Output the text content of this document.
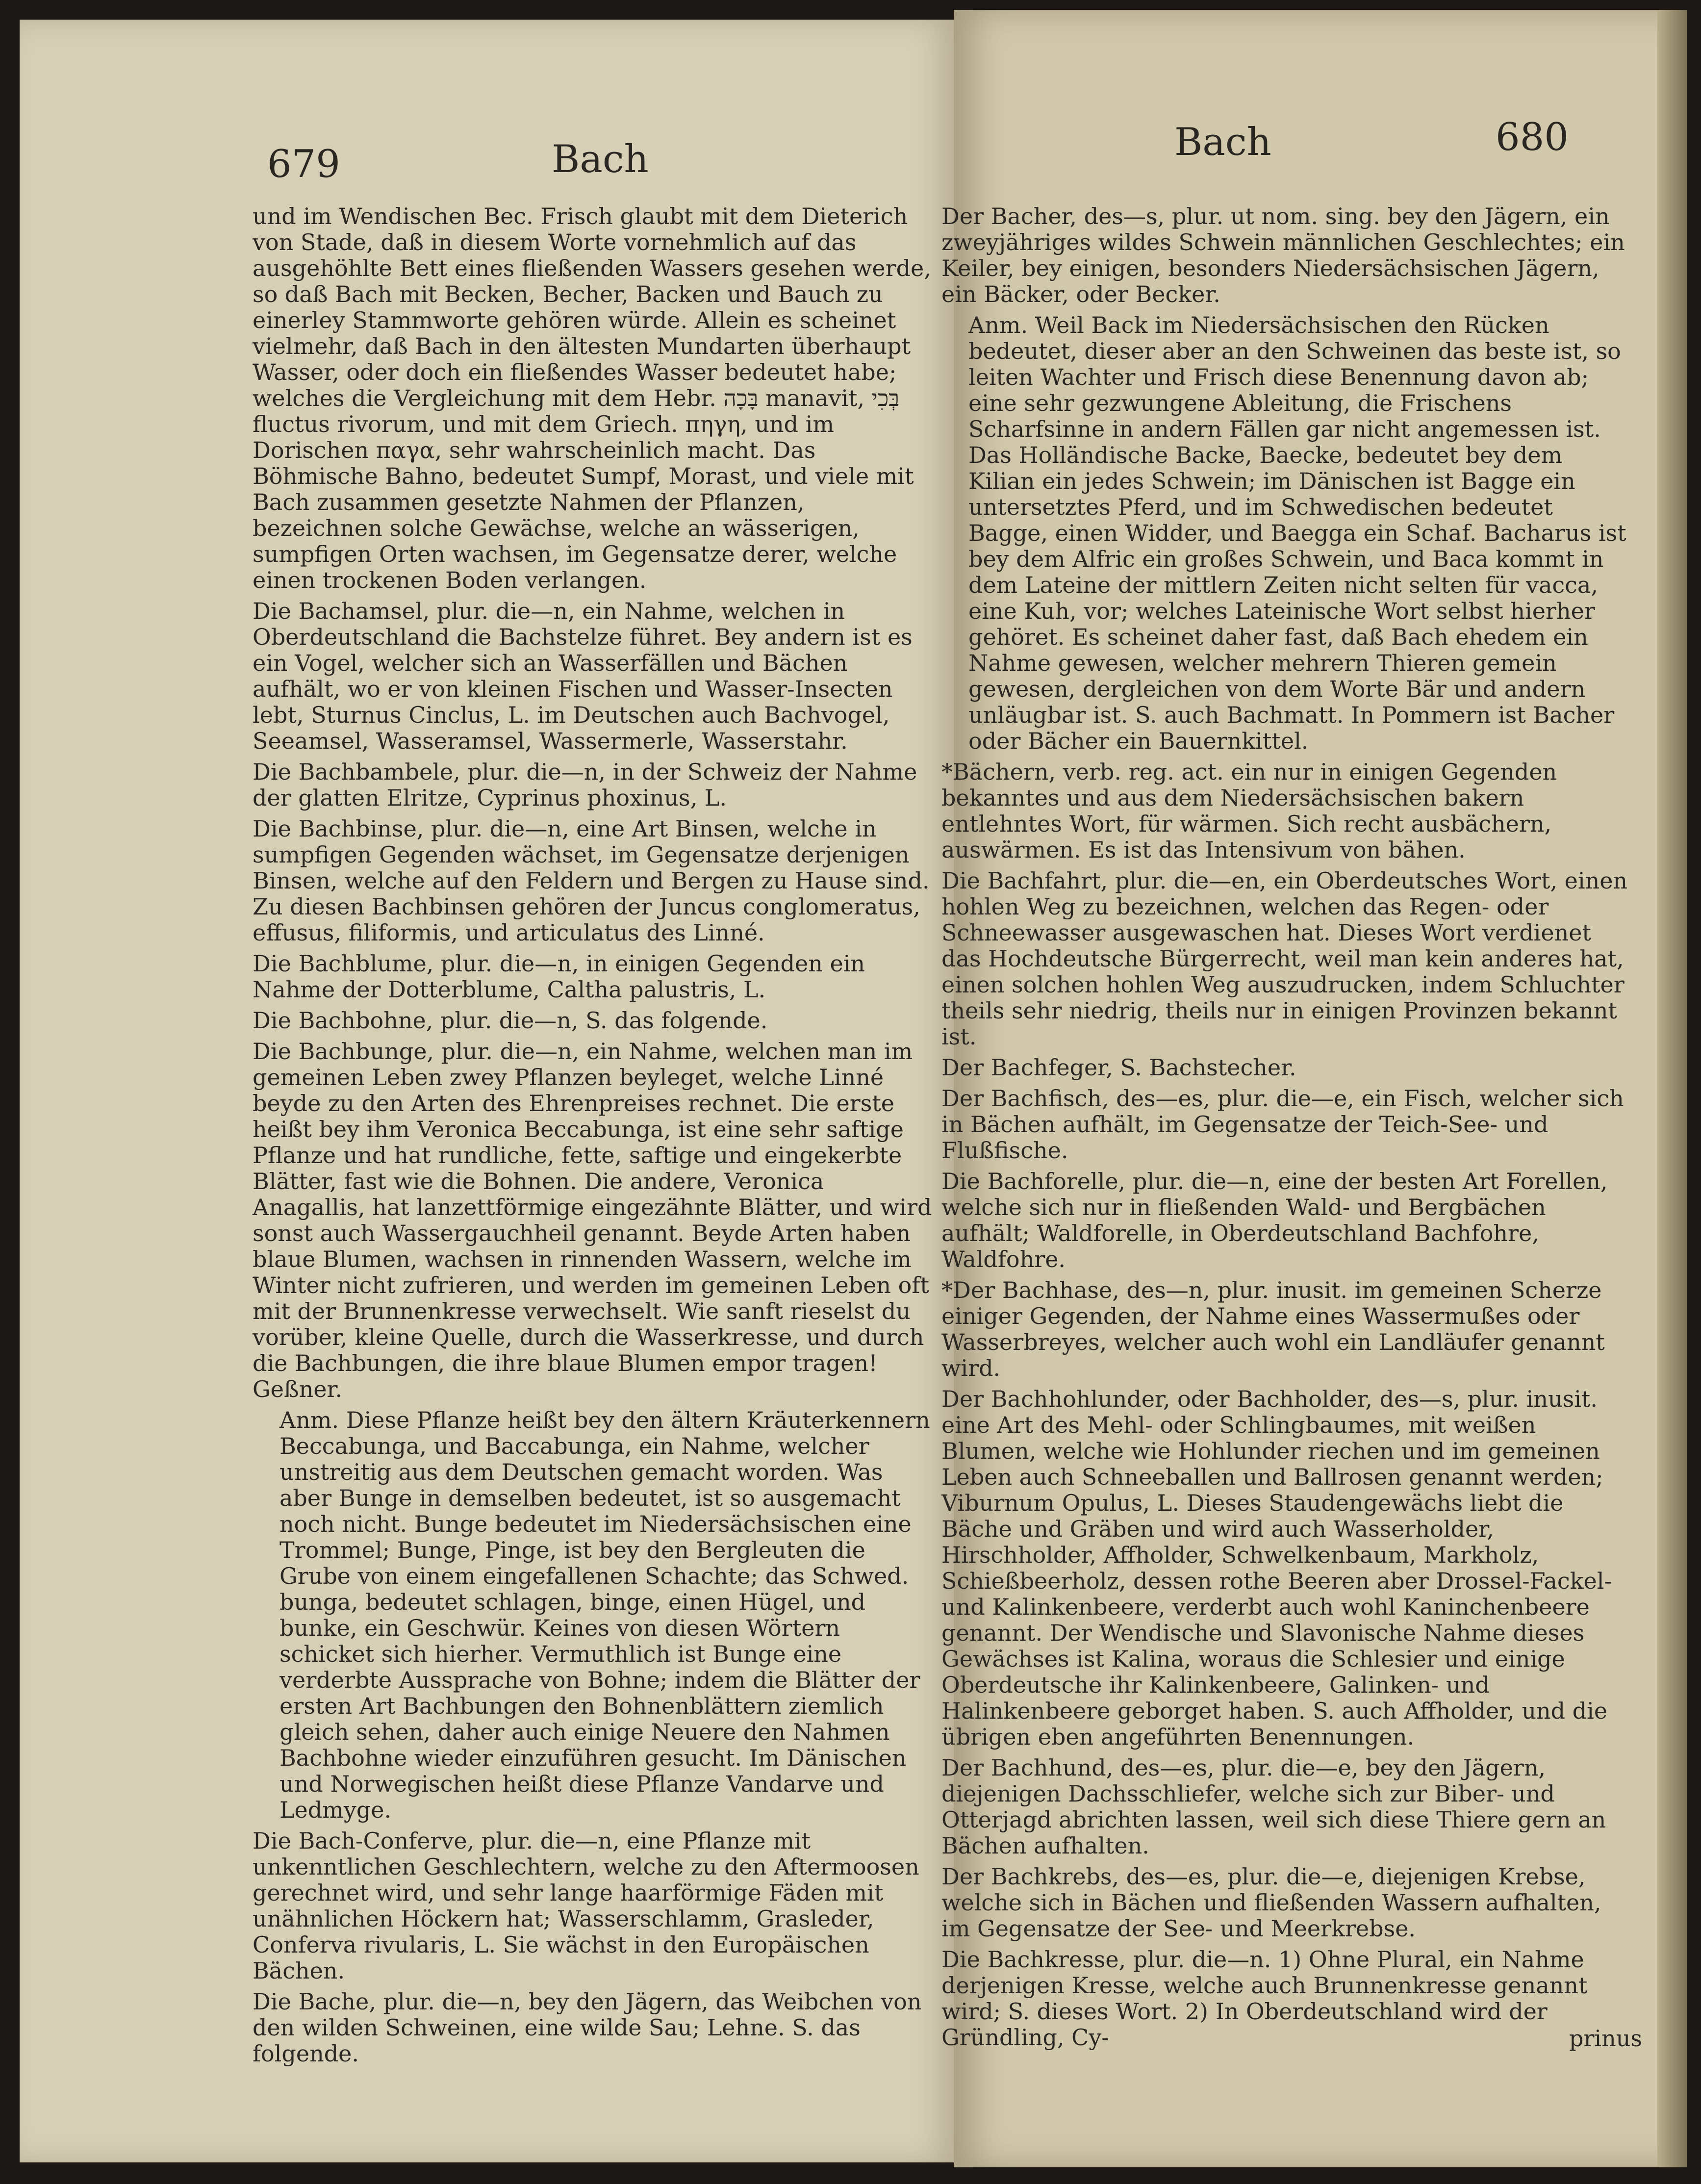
679	Bach	Bach	680

und im Wendischen Bec. Frisch glaubt mit dem Dieterich von Stade, daß in diesem Worte vornehmlich auf das ausgehöhlte Bett eines fließenden Wassers gesehen werde, so daß Bach mit Becken, Becher, Backen und Bauch zu einerley Stammworte gehören würde. Allein es scheinet vielmehr, daß Bach in den ältesten Mundarten überhaupt Wasser, oder doch ein fließendes Wasser bedeutet habe; welches die Vergleichung mit dem Hebr. בָּכָה manavit, בְּכִי fluctus rivorum, und mit dem Griech. πηγη, und im Dorischen παγα, sehr wahrscheinlich macht. Das Böhmische Bahno, bedeutet Sumpf, Morast, und viele mit Bach zusammen gesetzte Nahmen der Pflanzen, bezeichnen solche Gewächse, welche an wässerigen, sumpfigen Orten wachsen, im Gegensatze derer, welche einen trockenen Boden verlangen.

Die Bachamsel, plur. die—n, ein Nahme, welchen in Oberdeutschland die Bachstelze führet. Bey andern ist es ein Vogel, welcher sich an Wasserfällen und Bächen aufhält, wo er von kleinen Fischen und Wasser-Insecten lebt, Sturnus Cinclus, L. im Deutschen auch Bachvogel, Seeamsel, Wasseramsel, Wassermerle, Wasserstahr.

Die Bachbambele, plur. die—n, in der Schweiz der Nahme der glatten Elritze, Cyprinus phoxinus, L.

Die Bachbinse, plur. die—n, eine Art Binsen, welche in sumpfigen Gegenden wächset, im Gegensatze derjenigen Binsen, welche auf den Feldern und Bergen zu Hause sind. Zu diesen Bachbinsen gehören der Juncus conglomeratus, effusus, filiformis, und articulatus des Linné.

Die Bachblume, plur. die—n, in einigen Gegenden ein Nahme der Dotterblume, Caltha palustris, L.

Die Bachbohne, plur. die—n, S. das folgende.

Die Bachbunge, plur. die—n, ein Nahme, welchen man im gemeinen Leben zwey Pflanzen beyleget, welche Linné beyde zu den Arten des Ehrenpreises rechnet. Die erste heißt bey ihm Veronica Beccabunga, ist eine sehr saftige Pflanze und hat rundliche, fette, saftige und eingekerbte Blätter, fast wie die Bohnen. Die andere, Veronica Anagallis, hat lanzettförmige eingezähnte Blätter, und wird sonst auch Wassergauchheil genannt. Beyde Arten haben blaue Blumen, wachsen in rinnenden Wassern, welche im Winter nicht zufrieren, und werden im gemeinen Leben oft mit der Brunnenkresse verwechselt. Wie sanft rieselst du vorüber, kleine Quelle, durch die Wasserkresse, und durch die Bachbungen, die ihre blaue Blumen empor tragen! Geßner.

Anm. Diese Pflanze heißt bey den ältern Kräuterkennern Beccabunga, und Baccabunga, ein Nahme, welcher unstreitig aus dem Deutschen gemacht worden. Was aber Bunge in demselben bedeutet, ist so ausgemacht noch nicht. Bunge bedeutet im Niedersächsischen eine Trommel; Bunge, Pinge, ist bey den Bergleuten die Grube von einem eingefallenen Schachte; das Schwed. bunga, bedeutet schlagen, binge, einen Hügel, und bunke, ein Geschwür. Keines von diesen Wörtern schicket sich hierher. Vermuthlich ist Bunge eine verderbte Aussprache von Bohne; indem die Blätter der ersten Art Bachbungen den Bohnenblättern ziemlich gleich sehen, daher auch einige Neuere den Nahmen Bachbohne wieder einzuführen gesucht. Im Dänischen und Norwegischen heißt diese Pflanze Vandarve und Ledmyge.

Die Bach-Conferve, plur. die—n, eine Pflanze mit unkenntlichen Geschlechtern, welche zu den Aftermoosen gerechnet wird, und sehr lange haarförmige Fäden mit unähnlichen Höckern hat; Wasserschlamm, Grasleder, Conferva rivularis, L. Sie wächst in den Europäischen Bächen.

Die Bache, plur. die—n, bey den Jägern, das Weibchen von den wilden Schweinen, eine wilde Sau; Lehne. S. das folgende.

Der Bacher, des—s, plur. ut nom. sing. bey den Jägern, ein zweyjähriges wildes Schwein männlichen Geschlechtes; ein Keiler, bey einigen, besonders Niedersächsischen Jägern, ein Bäcker, oder Becker.

Anm. Weil Back im Niedersächsischen den Rücken bedeutet, dieser aber an den Schweinen das beste ist, so leiten Wachter und Frisch diese Benennung davon ab; eine sehr gezwungene Ableitung, die Frischens Scharfsinne in andern Fällen gar nicht angemessen ist. Das Holländische Backe, Baecke, bedeutet bey dem Kilian ein jedes Schwein; im Dänischen ist Bagge ein untersetztes Pferd, und im Schwedischen bedeutet Bagge, einen Widder, und Baegga ein Schaf. Bacharus ist bey dem Alfric ein großes Schwein, und Baca kommt in dem Lateine der mittlern Zeiten nicht selten für vacca, eine Kuh, vor; welches Lateinische Wort selbst hierher gehöret. Es scheinet daher fast, daß Bach ehedem ein Nahme gewesen, welcher mehrern Thieren gemein gewesen, dergleichen von dem Worte Bär und andern unläugbar ist. S. auch Bachmatt. In Pommern ist Bacher oder Bächer ein Bauernkittel.

*Bächern, verb. reg. act. ein nur in einigen Gegenden bekanntes und aus dem Niedersächsischen bakern entlehntes Wort, für wärmen. Sich recht ausbächern, auswärmen. Es ist das Intensivum von bähen.

Die Bachfahrt, plur. die—en, ein Oberdeutsches Wort, einen hohlen Weg zu bezeichnen, welchen das Regen- oder Schneewasser ausgewaschen hat. Dieses Wort verdienet das Hochdeutsche Bürgerrecht, weil man kein anderes hat, einen solchen hohlen Weg auszudrucken, indem Schluchter theils sehr niedrig, theils nur in einigen Provinzen bekannt ist.

Der Bachfeger, S. Bachstecher.

Der Bachfisch, des—es, plur. die—e, ein Fisch, welcher sich in Bächen aufhält, im Gegensatze der Teich-See- und Flußfische.

Die Bachforelle, plur. die—n, eine der besten Art Forellen, welche sich nur in fließenden Wald- und Bergbächen aufhält; Waldforelle, in Oberdeutschland Bachfohre, Waldfohre.

*Der Bachhase, des—n, plur. inusit. im gemeinen Scherze einiger Gegenden, der Nahme eines Wassermußes oder Wasserbreyes, welcher auch wohl ein Landläufer genannt wird.

Der Bachhohlunder, oder Bachholder, des—s, plur. inusit. eine Art des Mehl- oder Schlingbaumes, mit weißen Blumen, welche wie Hohlunder riechen und im gemeinen Leben auch Schneeballen und Ballrosen genannt werden; Viburnum Opulus, L. Dieses Staudengewächs liebt die Bäche und Gräben und wird auch Wasserholder, Hirschholder, Affholder, Schwelkenbaum, Markholz, Schießbeerholz, dessen rothe Beeren aber Drossel-Fackel- und Kalinkenbeere, verderbt auch wohl Kaninchenbeere genannt. Der Wendische und Slavonische Nahme dieses Gewächses ist Kalina, woraus die Schlesier und einige Oberdeutsche ihr Kalinkenbeere, Galinken- und Halinkenbeere geborget haben. S. auch Affholder, und die übrigen eben angeführten Benennungen.

Der Bachhund, des—es, plur. die—e, bey den Jägern, diejenigen Dachsschliefer, welche sich zur Biber- und Otterjagd abrichten lassen, weil sich diese Thiere gern an Bächen aufhalten.

Der Bachkrebs, des—es, plur. die—e, diejenigen Krebse, welche sich in Bächen und fließenden Wassern aufhalten, im Gegensatze der See- und Meerkrebse.

Die Bachkresse, plur. die—n. 1) Ohne Plural, ein Nahme derjenigen Kresse, welche auch Brunnenkresse genannt wird; S. dieses Wort. 2) In Oberdeutschland wird der Gründling, Cy-	prinus
